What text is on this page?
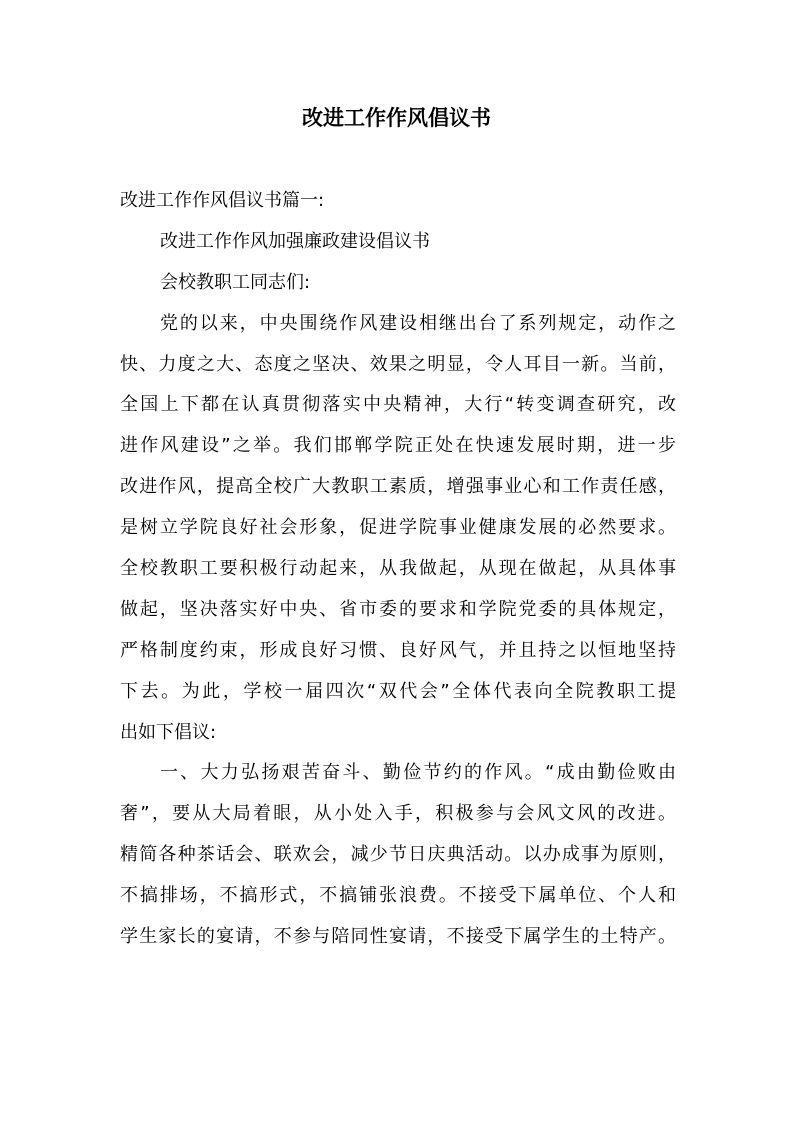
改进工作作风倡议书
改进工作作风倡议书篇一:
改进工作作风加强廉政建设倡议书
会校教职工同志们:
党的以来，中央围绕作风建设相继出台了系列规定，动作之
快、力度之大、态度之坚决、效果之明显，令人耳目一新。当前，
全国上下都在认真贯彻落实中央精神，大行“转变调查研究，改
进作风建设”之举。我们邯郸学院正处在快速发展时期，进一步
改进作风，提高全校广大教职工素质，增强事业心和工作责任感，
是树立学院良好社会形象，促进学院事业健康发展的必然要求。
全校教职工要积极行动起来，从我做起，从现在做起，从具体事
做起，坚决落实好中央、省市委的要求和学院党委的具体规定，
严格制度约束，形成良好习惯、良好风气，并且持之以恒地坚持
下去。为此，学校一届四次“双代会”全体代表向全院教职工提
出如下倡议:
一、大力弘扬艰苦奋斗、勤俭节约的作风。“成由勤俭败由
奢”，要从大局着眼，从小处入手，积极参与会风文风的改进。
精简各种茶话会、联欢会，减少节日庆典活动。以办成事为原则，
不搞排场，不搞形式，不搞铺张浪费。不接受下属单位、个人和
学生家长的宴请，不参与陪同性宴请，不接受下属学生的土特产。
